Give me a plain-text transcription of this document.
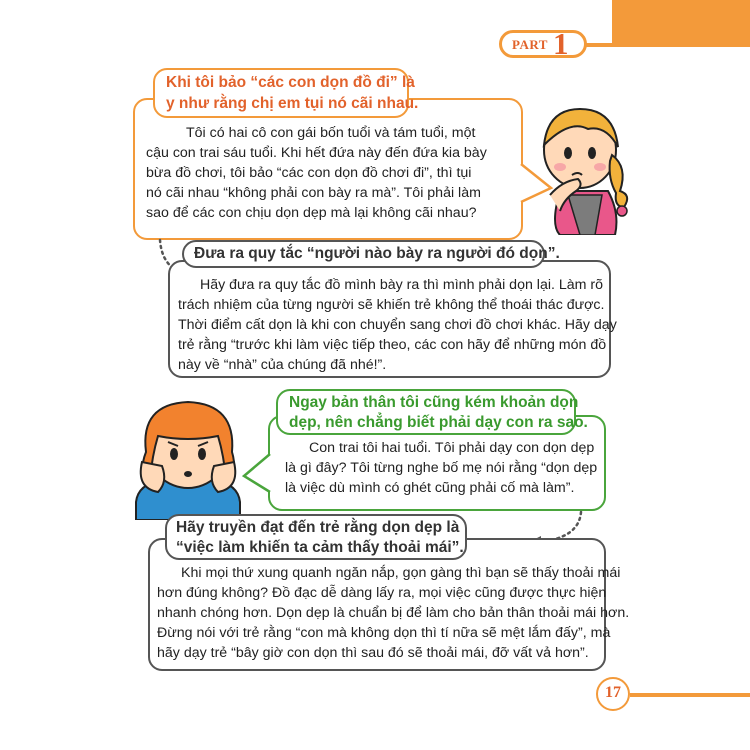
PART 1
Khi tôi bảo “các con dọn đồ đi” là
y như rằng chị em tụi nó cãi nhau.
Tôi có hai cô con gái bốn tuổi và tám tuổi, một
cậu con trai sáu tuổi. Khi hết đứa này đến đứa kia bày
bừa đồ chơi, tôi bảo “các con dọn đồ chơi đi”, thì tụi
nó cãi nhau “không phải con bày ra mà”. Tôi phải làm
sao để các con chịu dọn dẹp mà lại không cãi nhau?
Đưa ra quy tắc “người nào bày ra người đó dọn”.
Hãy đưa ra quy tắc đồ mình bày ra thì mình phải dọn lại. Làm rõ
trách nhiệm của từng người sẽ khiến trẻ không thể thoái thác được.
Thời điểm cất dọn là khi con chuyển sang chơi đồ chơi khác. Hãy dạy
trẻ rằng “trước khi làm việc tiếp theo, các con hãy để những món đồ
này về “nhà” của chúng đã nhé!”.
Ngay bản thân tôi cũng kém khoản dọn
dẹp, nên chẳng biết phải dạy con ra sao.
Con trai tôi hai tuổi. Tôi phải dạy con dọn dẹp
là gì đây? Tôi từng nghe bố mẹ nói rằng “dọn dẹp
là việc dù mình có ghét cũng phải cố mà làm”.
Hãy truyền đạt đến trẻ rằng dọn dẹp là
“việc làm khiến ta cảm thấy thoải mái”.
Khi mọi thứ xung quanh ngăn nắp, gọn gàng thì bạn sẽ thấy thoải mái
hơn đúng không? Đồ đạc dễ dàng lấy ra, mọi việc cũng được thực hiện
nhanh chóng hơn. Dọn dẹp là chuẩn bị để làm cho bản thân thoải mái hơn.
Đừng nói với trẻ rằng “con mà không dọn thì tí nữa sẽ mệt lắm đấy”, mà
hãy dạy trẻ “bây giờ con dọn thì sau đó sẽ thoải mái, đỡ vất vả hơn”.
17
